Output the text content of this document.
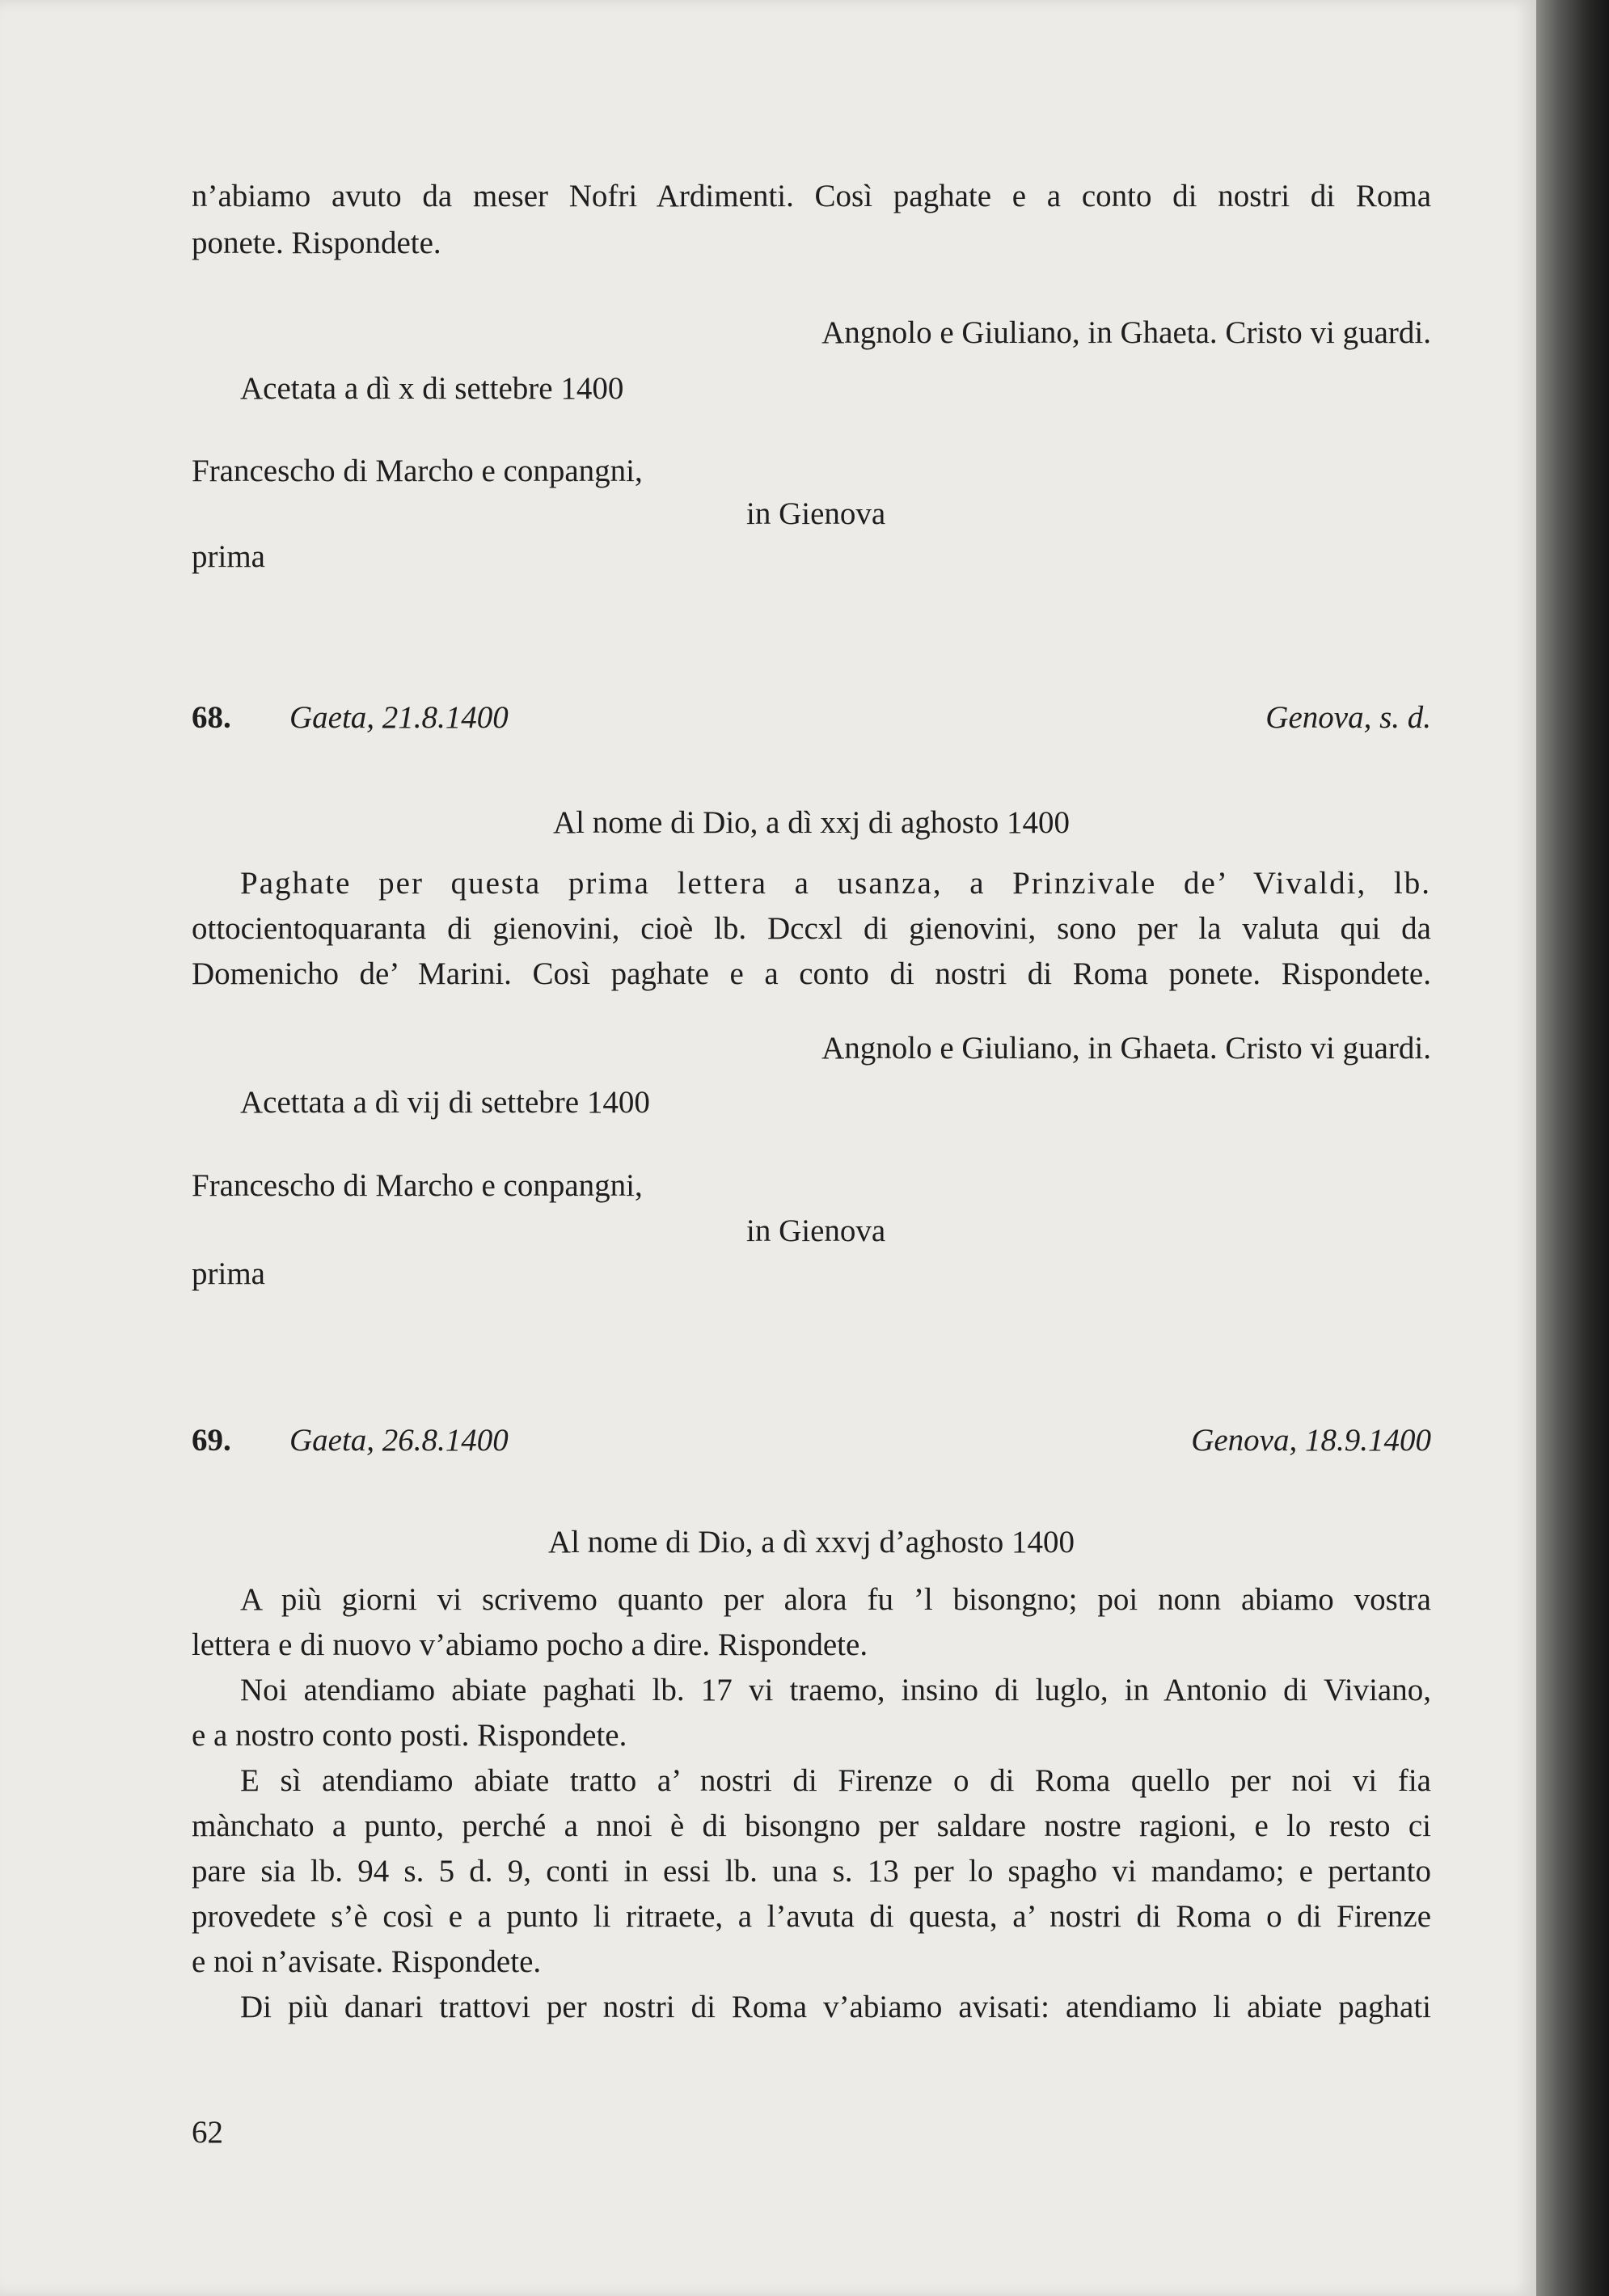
n’abiamo avuto da meser Nofri Ardimenti. Così paghate e a conto di nostri di Roma
ponete. Rispondete.
Angnolo e Giuliano, in Ghaeta. Cristo vi guardi.
Acetata a dì x di settebre 1400
Francescho di Marcho e conpangni,
in Gienova
prima
68. Gaeta, 21.8.1400	Genova, s. d.
Al nome di Dio, a dì xxj di aghosto 1400
Paghate per questa prima lettera a usanza, a Prinzivale de’ Vivaldi, lb.
ottocientoquaranta di gienovini, cioè lb. Dccxl di gienovini, sono per la valuta qui da
Domenicho de’ Marini. Così paghate e a conto di nostri di Roma ponete. Rispondete.
Angnolo e Giuliano, in Ghaeta. Cristo vi guardi.
Acettata a dì vij di settebre 1400
Francescho di Marcho e conpangni,
in Gienova
prima
69. Gaeta, 26.8.1400	Genova, 18.9.1400
Al nome di Dio, a dì xxvj d’aghosto 1400
A più giorni vi scrivemo quanto per alora fu ’l bisongno; poi nonn abiamo vostra
lettera e di nuovo v’abiamo pocho a dire. Rispondete.
Noi atendiamo abiate paghati lb. 17 vi traemo, insino di luglo, in Antonio di Viviano,
e a nostro conto posti. Rispondete.
E sì atendiamo abiate tratto a’ nostri di Firenze o di Roma quello per noi vi fia
mànchato a punto, perché a nnoi è di bisongno per saldare nostre ragioni, e lo resto ci
pare sia lb. 94 s. 5 d. 9, conti in essi lb. una s. 13 per lo spagho vi mandamo; e pertanto
provedete s’è così e a punto li ritraete, a l’avuta di questa, a’ nostri di Roma o di Firenze
e noi n’avisate. Rispondete.
Di più danari trattovi per nostri di Roma v’abiamo avisati: atendiamo li abiate paghati
62
